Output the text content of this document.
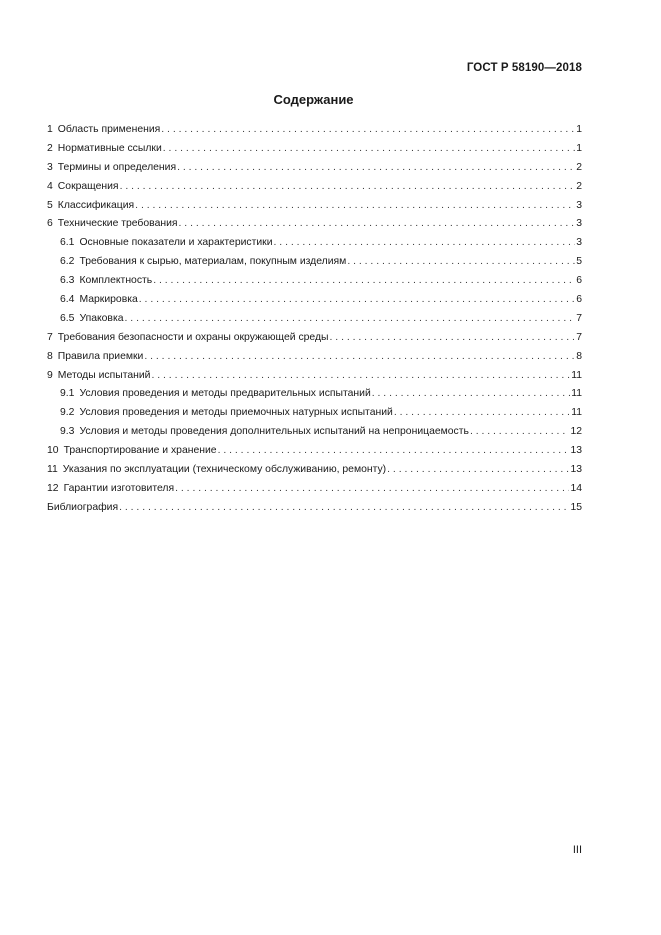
ГОСТ Р 58190—2018
Содержание
1 Область применения . . .	1
2 Нормативные ссылки . . .	1
3 Термины и определения . . .	2
4 Сокращения . . .	2
5 Классификация . . .	3
6 Технические требования . . .	3
6.1 Основные показатели и характеристики . . .	3
6.2 Требования к сырью, материалам, покупным изделиям . . .	5
6.3 Комплектность . . .	6
6.4 Маркировка . . .	6
6.5 Упаковка . . .	7
7 Требования безопасности и охраны окружающей среды . . .	7
8 Правила приемки . . .	8
9 Методы испытаний . . .	11
9.1 Условия проведения и методы предварительных испытаний . . .	11
9.2 Условия проведения и методы приемочных натурных испытаний . . .	11
9.3 Условия и методы проведения дополнительных испытаний на непроницаемость . . .	12
10 Транспортирование и хранение . . .	13
11 Указания по эксплуатации (техническому обслуживанию, ремонту) . . .	13
12 Гарантии изготовителя . . .	14
Библиография . . .	15
III
